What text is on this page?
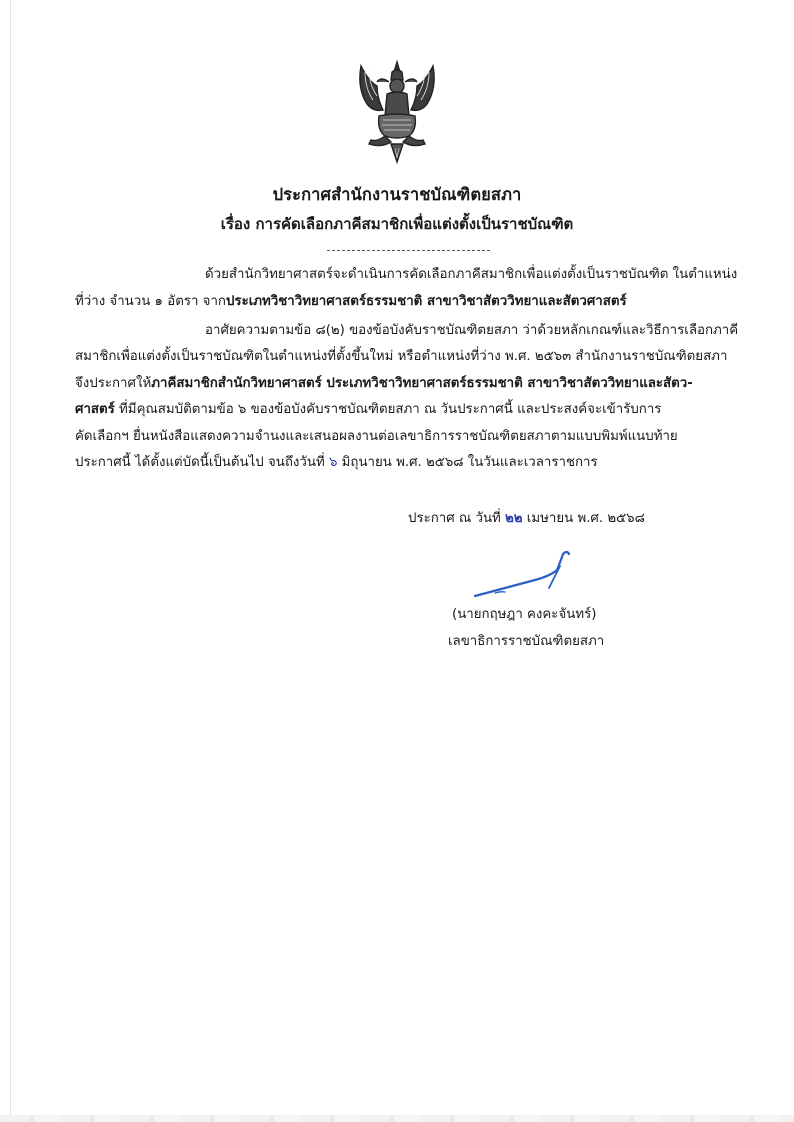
ประกาศสำนักงานราชบัณฑิตยสภา
เรื่อง การคัดเลือกภาคีสมาชิกเพื่อแต่งตั้งเป็นราชบัณฑิต
ด้วยสำนักวิทยาศาสตร์จะดำเนินการคัดเลือกภาคีสมาชิกเพื่อแต่งตั้งเป็นราชบัณฑิต ในตำแหน่ง
ที่ว่าง จำนวน ๑ อัตรา จากประเภทวิชาวิทยาศาสตร์ธรรมชาติ สาขาวิชาสัตววิทยาและสัตวศาสตร์
อาศัยความตามข้อ ๘(๒) ของข้อบังคับราชบัณฑิตยสภา ว่าด้วยหลักเกณฑ์และวิธีการเลือกภาคี
สมาชิกเพื่อแต่งตั้งเป็นราชบัณฑิตในตำแหน่งที่ตั้งขึ้นใหม่ หรือตำแหน่งที่ว่าง พ.ศ. ๒๕๖๓ สำนักงานราชบัณฑิตยสภา
จึงประกาศให้ภาคีสมาชิกสำนักวิทยาศาสตร์ ประเภทวิชาวิทยาศาสตร์ธรรมชาติ สาขาวิชาสัตววิทยาและสัตว-
ศาสตร์ ที่มีคุณสมบัติตามข้อ ๖ ของข้อบังคับราชบัณฑิตยสภา ณ วันประกาศนี้ และประสงค์จะเข้ารับการ
คัดเลือกฯ ยื่นหนังสือแสดงความจำนงและเสนอผลงานต่อเลขาธิการราชบัณฑิตยสภาตามแบบพิมพ์แนบท้าย
ประกาศนี้ ได้ตั้งแต่บัดนี้เป็นต้นไป จนถึงวันที่ ๖ มิถุนายน พ.ศ. ๒๕๖๘ ในวันและเวลาราชการ
ประกาศ ณ วันที่ ๒๒ เมษายน พ.ศ. ๒๕๖๘
(นายกฤษฎา คงคะจันทร์)
เลขาธิการราชบัณฑิตยสภา
